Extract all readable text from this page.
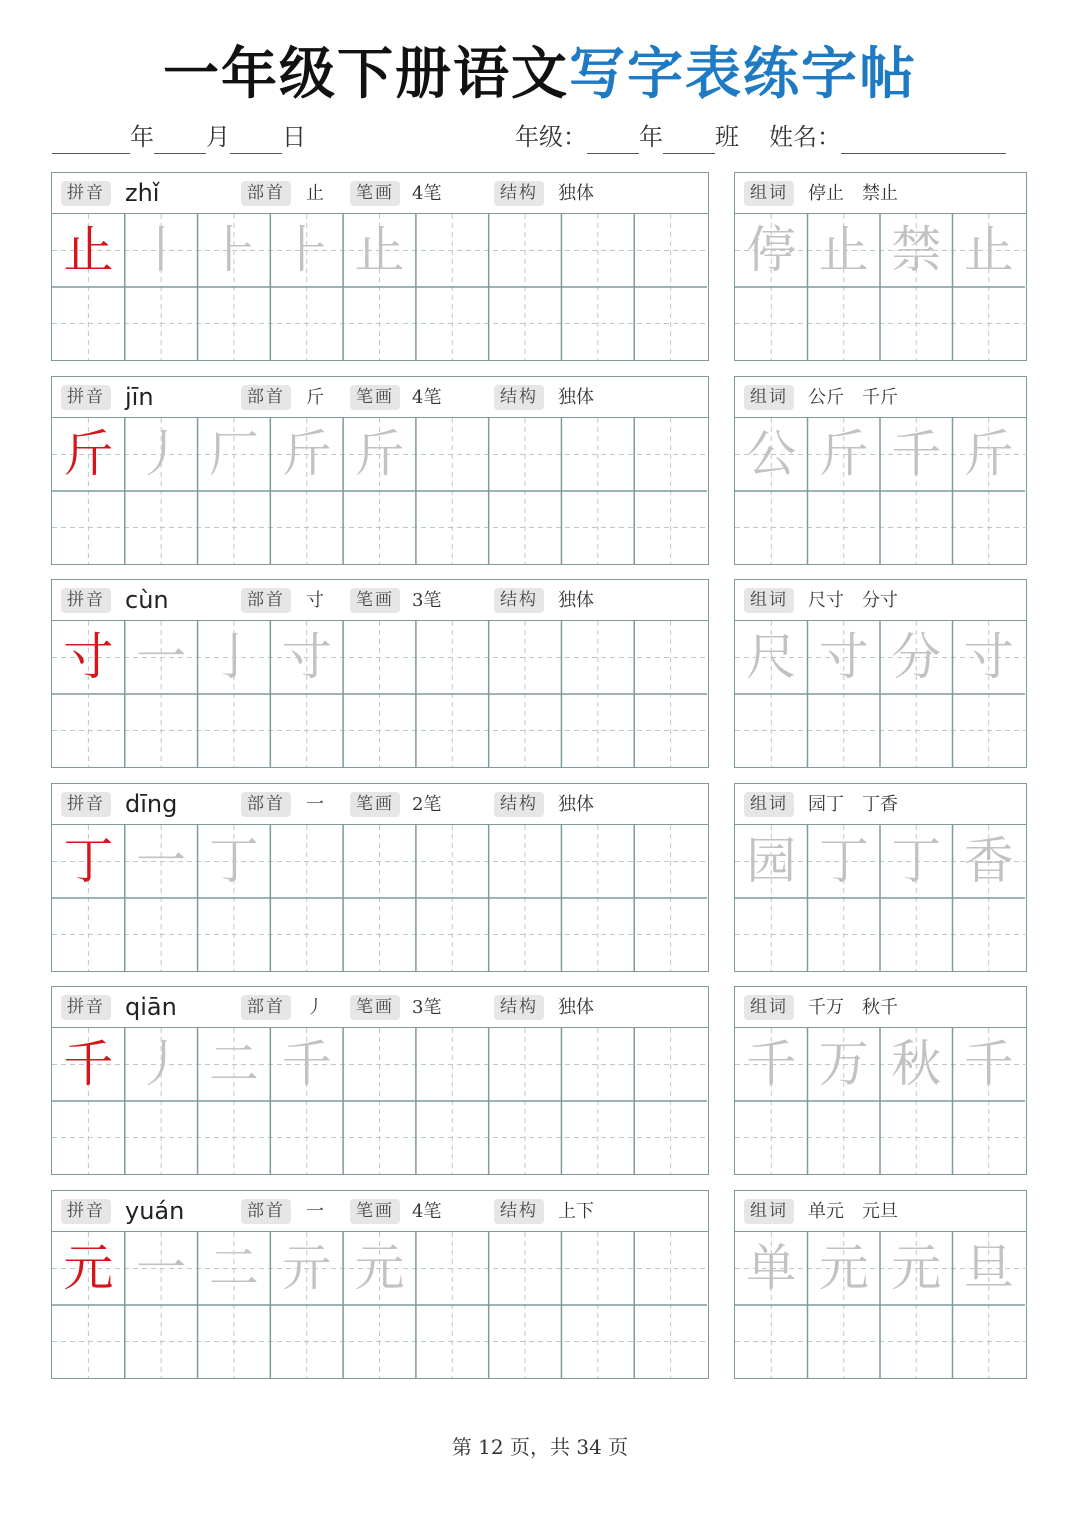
一年级下册语文写字表练字帖
年 月 日	年级： 年 班 姓名：
拼音 zhǐ	部首	止	笔画	4笔	结构	独体
止 丨 ⺊ ⺊ 止
组词	停止　禁止
停 止 禁 止
拼音 jīn	部首	斤	笔画	4笔	结构	独体
斤 丿 厂 斤 斤
组词	公斤　千斤
公 斤 千 斤
拼音 cùn	部首	寸	笔画	3笔	结构	独体
寸 一 亅 寸
组词	尺寸　分寸
尺 寸 分 寸
拼音 dīng	部首	一	笔画	2笔	结构	独体
丁 一 丁
组词	园丁　丁香
园 丁 丁 香
拼音 qiān	部首	丿	笔画	3笔	结构	独体
千 丿 二 千
组词	千万　秋千
千 万 秋 千
拼音 yuán	部首	一	笔画	4笔	结构	上下
元 一 二 亓 元
组词	单元　元旦
单 元 元 旦
第 12 页，共 34 页
